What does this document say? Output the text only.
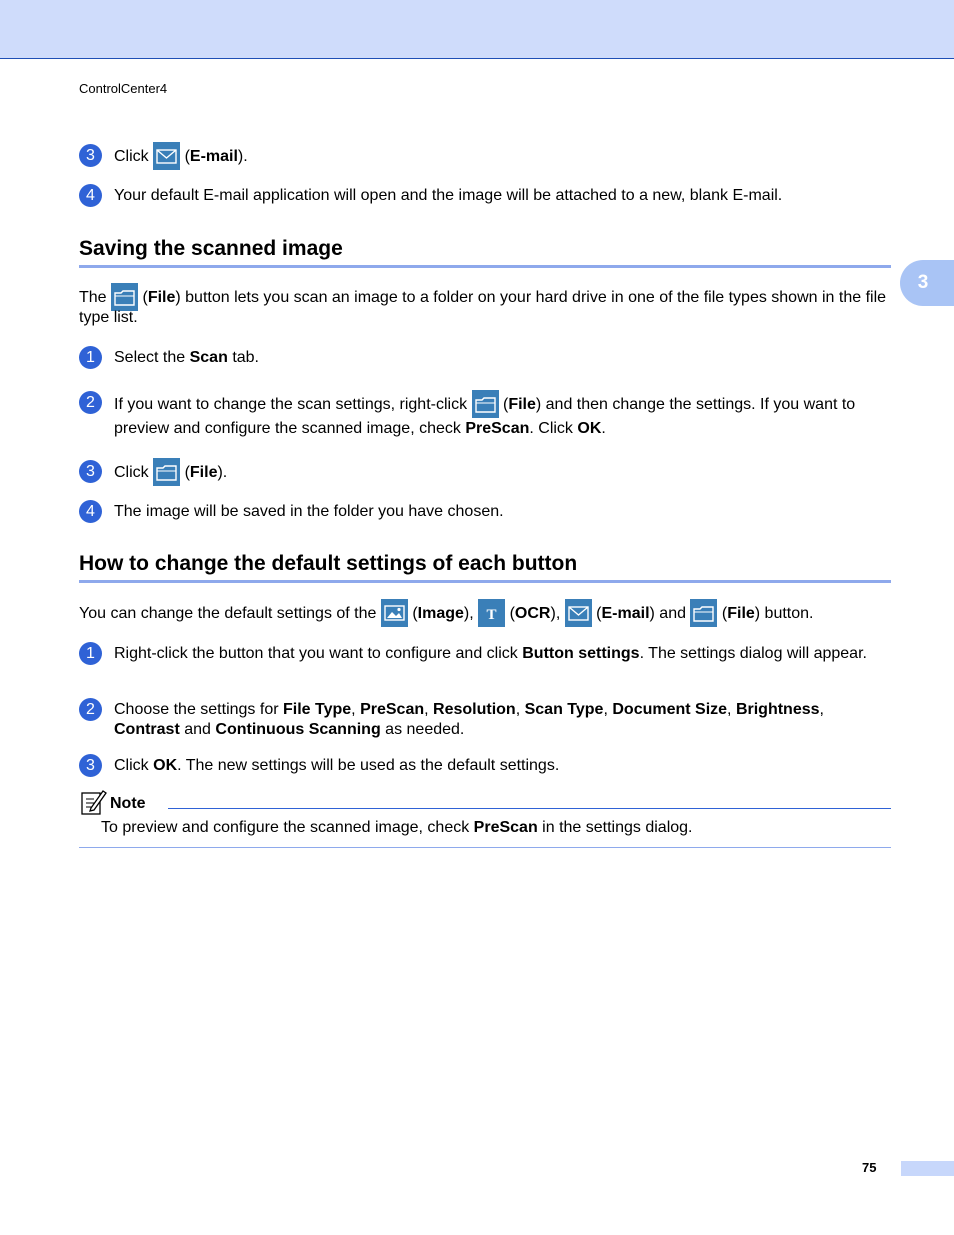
ControlCenter4
3
3	Click (E-mail).
4	Your default E-mail application will open and the image will be attached to a new, blank E-mail.
Saving the scanned image
The (File) button lets you scan an image to a folder on your hard drive in one of the file types shown in the file type list.
1	Select the Scan tab.
2	If you want to change the scan settings, right-click (File) and then change the settings. If you want to preview and configure the scanned image, check PreScan. Click OK.
3	Click (File).
4	The image will be saved in the folder you have chosen.
How to change the default settings of each button
You can change the default settings of the (Image), T (OCR), (E-mail) and (File) button.
1	Right-click the button that you want to configure and click Button settings. The settings dialog will appear.
2	Choose the settings for File Type, PreScan, Resolution, Scan Type, Document Size, Brightness, Contrast and Continuous Scanning as needed.
3	Click OK. The new settings will be used as the default settings.
Note
To preview and configure the scanned image, check PreScan in the settings dialog.
75
